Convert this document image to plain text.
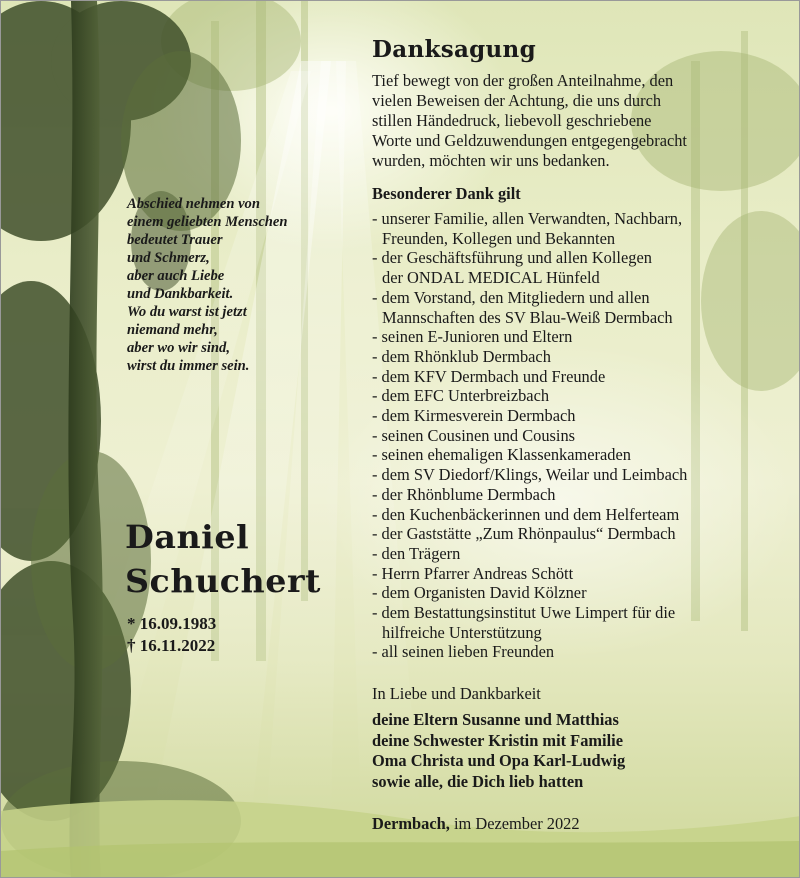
Abschied nehmen von
einem geliebten Menschen
bedeutet Trauer
und Schmerz,
aber auch Liebe
und Dankbarkeit.
Wo du warst ist jetzt
niemand mehr,
aber wo wir sind,
wirst du immer sein.

Daniel
Schuchert
* 16.09.1983
† 16.11.2022
Danksagung
Tief bewegt von der großen Anteilnahme, den
vielen Beweisen der Achtung, die uns durch
stillen Händedruck, liebevoll geschriebene
Worte und Geldzuwendungen entgegengebracht
wurden, möchten wir uns bedanken.
Besonderer Dank gilt
- unserer Familie, allen Verwandten, Nachbarn,
Freunden, Kollegen und Bekannten
- der Geschäftsführung und allen Kollegen
der ONDAL MEDICAL Hünfeld
- dem Vorstand, den Mitgliedern und allen
Mannschaften des SV Blau-Weiß Dermbach
- seinen E-Junioren und Eltern
- dem Rhönklub Dermbach
- dem KFV Dermbach und Freunde
- dem EFC Unterbreizbach
- dem Kirmesverein Dermbach
- seinen Cousinen und Cousins
- seinen ehemaligen Klassenkameraden
- dem SV Diedorf/Klings, Weilar und Leimbach
- der Rhönblume Dermbach
- den Kuchenbäckerinnen und dem Helferteam
- der Gaststätte „Zum Rhönpaulus“ Dermbach
- den Trägern
- Herrn Pfarrer Andreas Schött
- dem Organisten David Kölzner
- dem Bestattungsinstitut Uwe Limpert für die
hilfreiche Unterstützung
- all seinen lieben Freunden
In Liebe und Dankbarkeit
deine Eltern Susanne und Matthias
deine Schwester Kristin mit Familie
Oma Christa und Opa Karl-Ludwig
sowie alle, die Dich lieb hatten
Dermbach, im Dezember 2022
